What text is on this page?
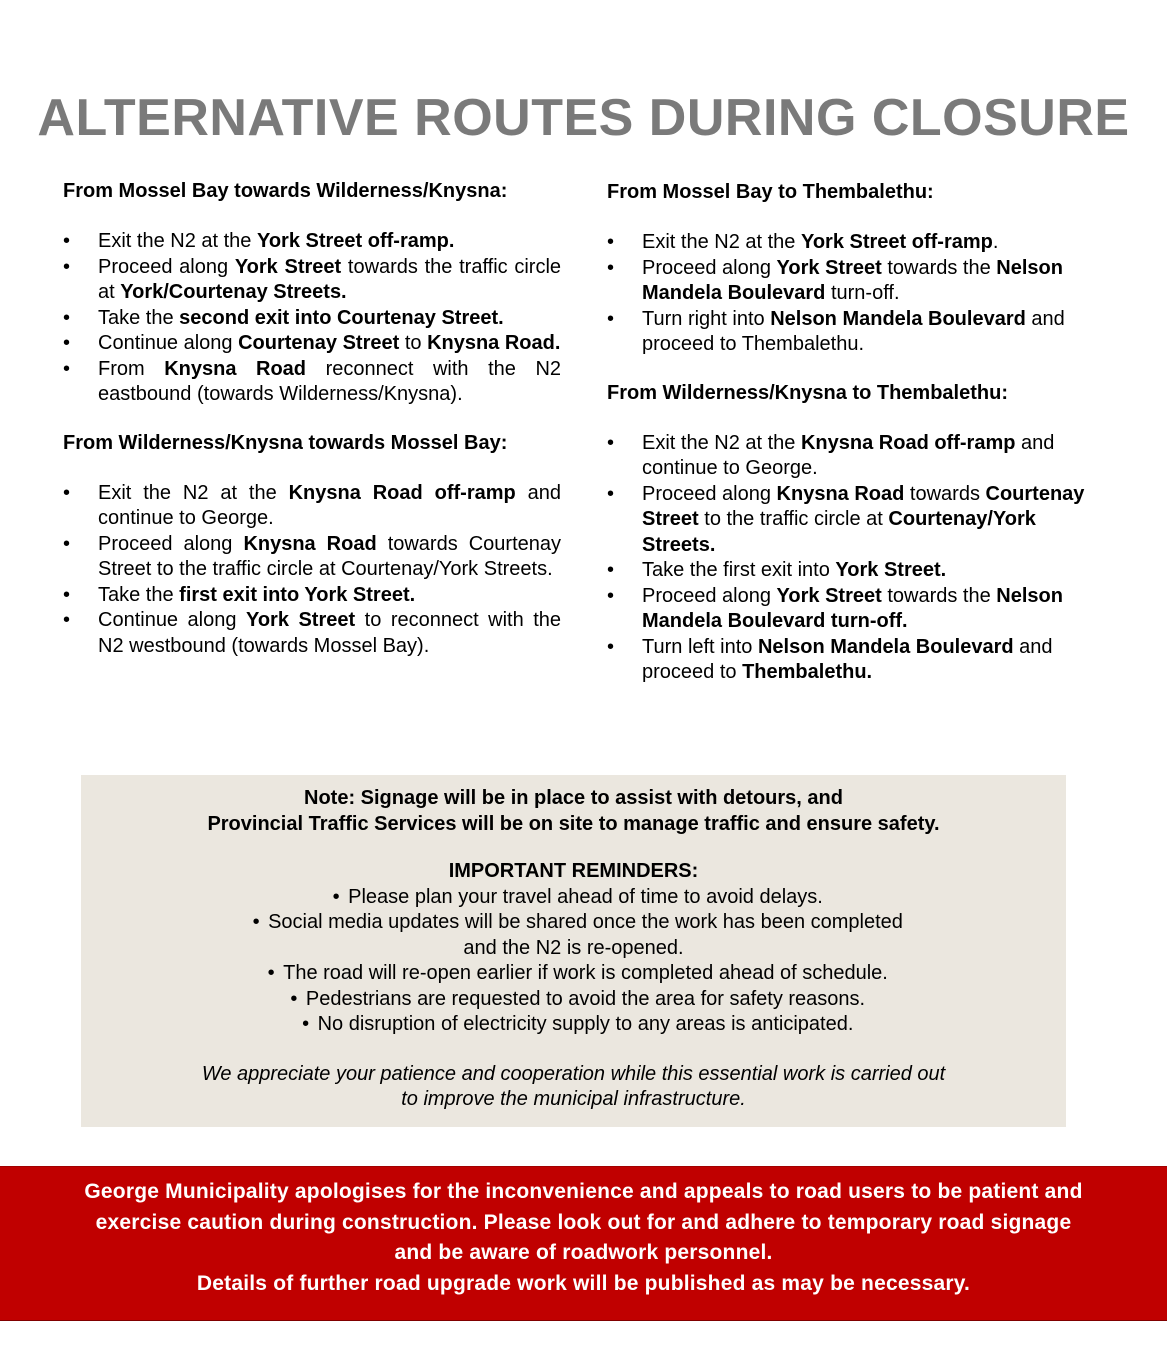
ALTERNATIVE ROUTES DURING CLOSURE
From Mossel Bay towards Wilderness/Knysna:
• Exit the N2 at the York Street off-ramp.
• Proceed along York Street towards the traffic circle at York/Courtenay Streets.
• Take the second exit into Courtenay Street.
• Continue along Courtenay Street to Knysna Road.
• From Knysna Road reconnect with the N2 eastbound (towards Wilderness/Knysna).
From Wilderness/Knysna towards Mossel Bay:
• Exit the N2 at the Knysna Road off-ramp and continue to George.
• Proceed along Knysna Road towards Courtenay Street to the traffic circle at Courtenay/York Streets.
• Take the first exit into York Street.
• Continue along York Street to reconnect with the N2 westbound (towards Mossel Bay).
From Mossel Bay to Thembalethu:
• Exit the N2 at the York Street off-ramp.
• Proceed along York Street towards the Nelson Mandela Boulevard turn-off.
• Turn right into Nelson Mandela Boulevard and proceed to Thembalethu.
From Wilderness/Knysna to Thembalethu:
• Exit the N2 at the Knysna Road off-ramp and continue to George.
• Proceed along Knysna Road towards Courtenay Street to the traffic circle at Courtenay/York Streets.
• Take the first exit into York Street.
• Proceed along York Street towards the Nelson Mandela Boulevard turn-off.
• Turn left into Nelson Mandela Boulevard and proceed to Thembalethu.
Note: Signage will be in place to assist with detours, and
Provincial Traffic Services will be on site to manage traffic and ensure safety.
IMPORTANT REMINDERS:
• Please plan your travel ahead of time to avoid delays.
• Social media updates will be shared once the work has been completed
and the N2 is re-opened.
• The road will re-open earlier if work is completed ahead of schedule.
• Pedestrians are requested to avoid the area for safety reasons.
• No disruption of electricity supply to any areas is anticipated.
We appreciate your patience and cooperation while this essential work is carried out
to improve the municipal infrastructure.

George Municipality apologises for the inconvenience and appeals to road users to be patient and

exercise caution during construction. Please look out for and adhere to temporary road signage

and be aware of roadwork personnel.

Details of further road upgrade work will be published as may be necessary.
